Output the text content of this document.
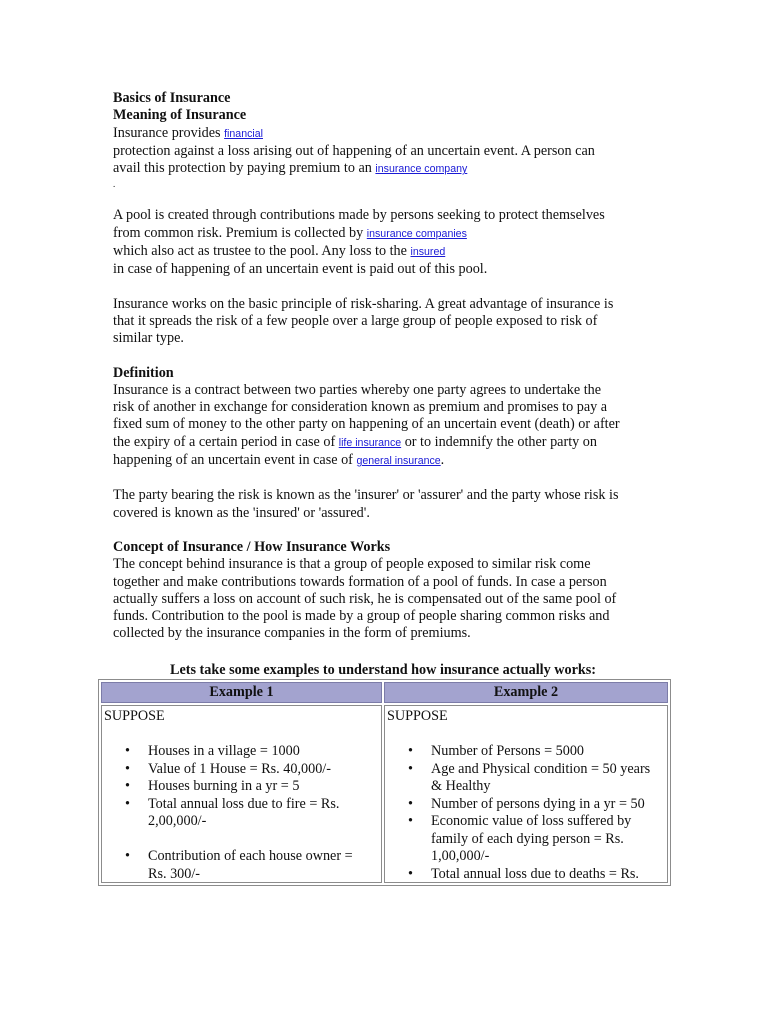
Basics of Insurance
Meaning of Insurance
Insurance provides financial
protection against a loss arising out of happening of an uncertain event. A person can
avail this protection by paying premium to an insurance company
.
A pool is created through contributions made by persons seeking to protect themselves
from common risk. Premium is collected by insurance companies
which also act as trustee to the pool. Any loss to the insured
in case of happening of an uncertain event is paid out of this pool.
Insurance works on the basic principle of risk-sharing. A great advantage of insurance is
that it spreads the risk of a few people over a large group of people exposed to risk of
similar type.
Definition
Insurance is a contract between two parties whereby one party agrees to undertake the
risk of another in exchange for consideration known as premium and promises to pay a
fixed sum of money to the other party on happening of an uncertain event (death) or after
the expiry of a certain period in case of life insurance or to indemnify the other party on
happening of an uncertain event in case of general insurance.
The party bearing the risk is known as the 'insurer' or 'assurer' and the party whose risk is
covered is known as the 'insured' or 'assured'.
Concept of Insurance / How Insurance Works
The concept behind insurance is that a group of people exposed to similar risk come
together and make contributions towards formation of a pool of funds. In case a person
actually suffers a loss on account of such risk, he is compensated out of the same pool of
funds. Contribution to the pool is made by a group of people sharing common risks and
collected by the insurance companies in the form of premiums.
Lets take some examples to understand how insurance actually works:
Example 1	Example 2
SUPPOSE
• Houses in a village = 1000
• Value of 1 House = Rs. 40,000/-
• Houses burning in a yr = 5
• Total annual loss due to fire = Rs.
2,00,000/-
• Contribution of each house owner =
Rs. 300/-
SUPPOSE
• Number of Persons = 5000
• Age and Physical condition = 50 years
& Healthy
• Number of persons dying in a yr = 50
• Economic value of loss suffered by
family of each dying person = Rs.
1,00,000/-
• Total annual loss due to deaths = Rs.
